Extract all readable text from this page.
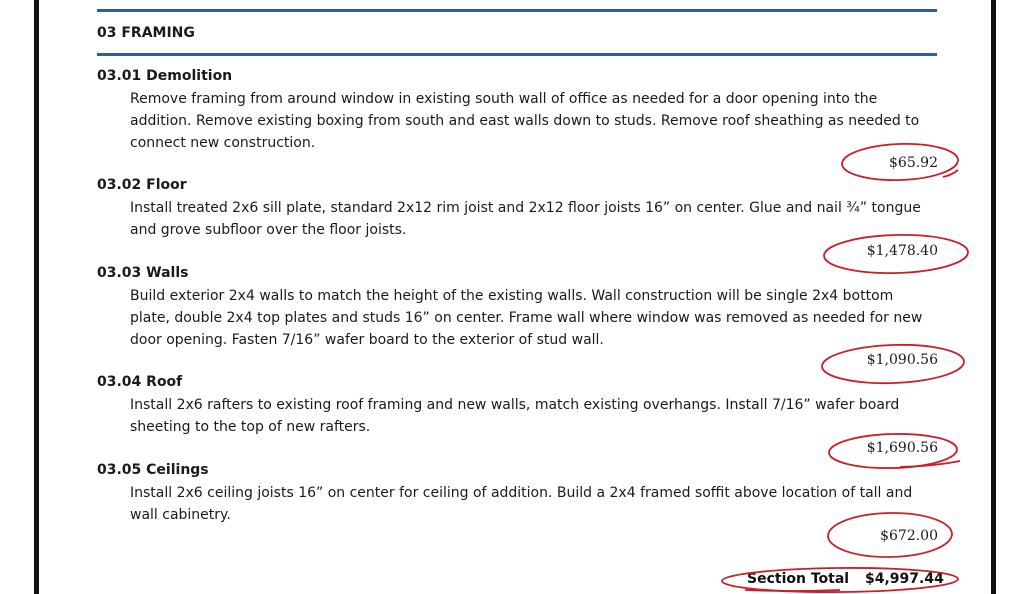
03 FRAMING
03.01 Demolition
Remove framing from around window in existing south wall of office as needed for a door opening into the addition. Remove existing boxing from south and east walls down to studs. Remove roof sheathing as needed to connect new construction.
$65.92
03.02 Floor
Install treated 2x6 sill plate, standard 2x12 rim joist and 2x12 floor joists 16” on center. Glue and nail ¾” tongue and grove subfloor over the floor joists.
$1,478.40
03.03 Walls
Build exterior 2x4 walls to match the height of the existing walls. Wall construction will be single 2x4 bottom plate, double 2x4 top plates and studs 16” on center. Frame wall where window was removed as needed for new door opening. Fasten 7/16” wafer board to the exterior of stud wall.
$1,090.56
03.04 Roof
Install 2x6 rafters to existing roof framing and new walls, match existing overhangs. Install 7/16” wafer board sheeting to the top of new rafters.
$1,690.56
03.05 Ceilings
Install 2x6 ceiling joists 16” on center for ceiling of addition. Build a 2x4 framed soffit above location of tall and wall cabinetry.
$672.00
Section Total $4,997.44
